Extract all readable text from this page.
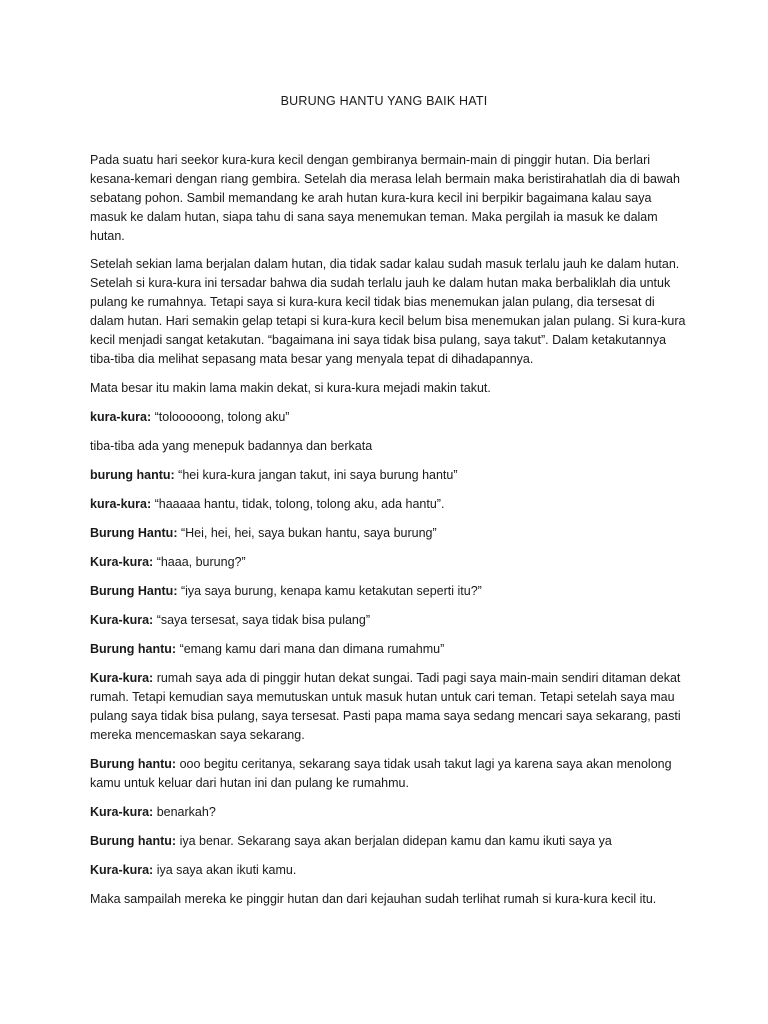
BURUNG HANTU YANG BAIK HATI

Pada suatu hari seekor kura-kura kecil dengan gembiranya bermain-main di pinggir hutan. Dia berlari kesana-kemari dengan riang gembira. Setelah dia merasa lelah bermain maka beristirahatlah dia di bawah sebatang pohon. Sambil memandang ke arah hutan kura-kura kecil ini berpikir bagaimana kalau saya masuk ke dalam hutan, siapa tahu di sana saya menemukan teman. Maka pergilah ia masuk ke dalam hutan.

Setelah sekian lama berjalan dalam hutan, dia tidak sadar kalau sudah masuk terlalu jauh ke dalam hutan. Setelah si kura-kura ini tersadar bahwa dia sudah terlalu jauh ke dalam hutan maka berbaliklah dia untuk pulang ke rumahnya. Tetapi saya si kura-kura kecil tidak bias menemukan jalan pulang, dia tersesat di dalam hutan. Hari semakin gelap tetapi si kura-kura kecil belum bisa menemukan jalan pulang. Si kura-kura kecil menjadi sangat ketakutan. “bagaimana ini saya tidak bisa pulang, saya takut”. Dalam ketakutannya tiba-tiba dia melihat sepasang mata besar yang menyala tepat di dihadapannya.

Mata besar itu makin lama makin dekat, si kura-kura mejadi makin takut.

kura-kura: “tolooooong, tolong aku”

tiba-tiba ada yang menepuk badannya dan berkata

burung hantu: “hei kura-kura jangan takut, ini saya burung hantu”

kura-kura: “haaaaa hantu, tidak, tolong, tolong aku, ada hantu”.

Burung Hantu: “Hei, hei, hei, saya bukan hantu, saya burung”

Kura-kura: “haaa, burung?”

Burung Hantu: “iya saya burung, kenapa kamu ketakutan seperti itu?”

Kura-kura: “saya tersesat, saya tidak bisa pulang”

Burung hantu: “emang kamu dari mana dan dimana rumahmu”

Kura-kura: rumah saya ada di pinggir hutan dekat sungai. Tadi pagi saya main-main sendiri ditaman dekat rumah. Tetapi kemudian saya memutuskan untuk masuk hutan untuk cari teman. Tetapi setelah saya mau pulang saya tidak bisa pulang, saya tersesat. Pasti papa mama saya sedang mencari saya sekarang, pasti mereka mencemaskan saya sekarang.

Burung hantu: ooo begitu ceritanya, sekarang saya tidak usah takut lagi ya karena saya akan menolong kamu untuk keluar dari hutan ini dan pulang ke rumahmu.

Kura-kura: benarkah?

Burung hantu: iya benar. Sekarang saya akan berjalan didepan kamu dan kamu ikuti saya ya

Kura-kura: iya saya akan ikuti kamu.

Maka sampailah mereka ke pinggir hutan dan dari kejauhan sudah terlihat rumah si kura-kura kecil itu.
